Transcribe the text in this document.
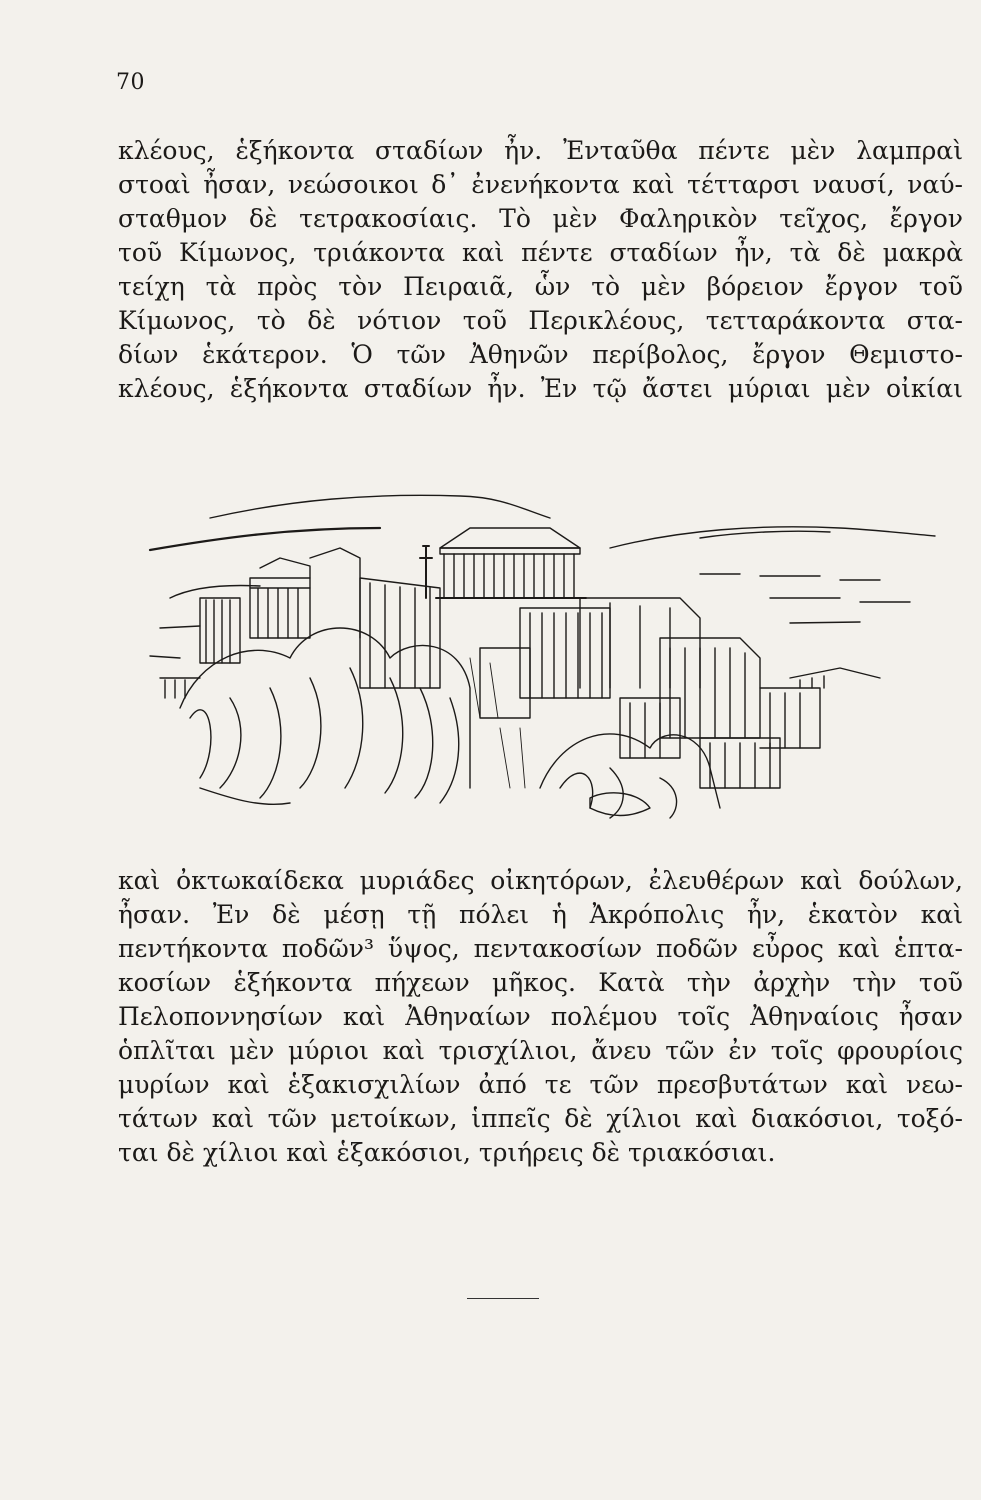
70
κλέους, ἑξήκοντα σταδίων ἦν. Ἐνταῦθα πέντε μὲν λαμπραὶ
στοαὶ ἦσαν, νεώσοικοι δ᾽ ἐνενήκοντα καὶ τέτταρσι ναυσί, ναύ-
σταθμον δὲ τετρακοσίαις. Τὸ μὲν Φαληρικὸν τεῖχος, ἔργον
τοῦ Κίμωνος, τριάκοντα καὶ πέντε σταδίων ἦν, τὰ δὲ μακρὰ
τείχη τὰ πρὸς τὸν Πειραιᾶ, ὧν τὸ μὲν βόρειον ἔργον τοῦ
Κίμωνος, τὸ δὲ νότιον τοῦ Περικλέους, τετταράκοντα στα-
δίων ἑκάτερον. Ὁ τῶν Ἀθηνῶν περίβολος, ἔργον Θεμιστο-
κλέους, ἑξήκοντα σταδίων ἦν. Ἐν τῷ ἄστει μύριαι μὲν οἰκίαι
καὶ ὀκτωκαίδεκα μυριάδες οἰκητόρων, ἐλευθέρων καὶ δούλων,
ἦσαν. Ἐν δὲ μέσῃ τῇ πόλει ἡ Ἀκρόπολις ἦν, ἑκατὸν καὶ
πεντήκοντα ποδῶν³ ὕψος, πεντακοσίων ποδῶν εὖρος καὶ ἑπτα-
κοσίων ἑξήκοντα πήχεων μῆκος. Κατὰ τὴν ἀρχὴν τὴν τοῦ
Πελοποννησίων καὶ Ἀθηναίων πολέμου τοῖς Ἀθηναίοις ἦσαν
ὁπλῖται μὲν μύριοι καὶ τρισχίλιοι, ἄνευ τῶν ἐν τοῖς φρουρίοις
μυρίων καὶ ἑξακισχιλίων ἀπό τε τῶν πρεσβυτάτων καὶ νεω-
τάτων καὶ τῶν μετοίκων, ἱππεῖς δὲ χίλιοι καὶ διακόσιοι, τοξό-
ται δὲ χίλιοι καὶ ἑξακόσιοι, τριήρεις δὲ τριακόσιαι.
